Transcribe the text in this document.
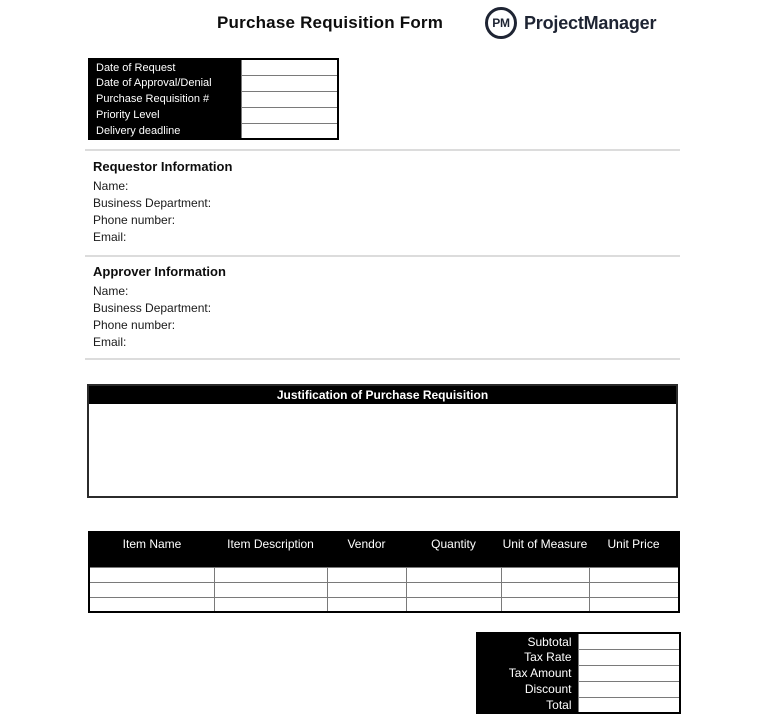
Purchase Requisition Form	PM ProjectManager
Date of Request	
Date of Approval/Denial	
Purchase Requisition #	
Priority Level	
Delivery deadline	
Requestor Information
Name:
Business Department:
Phone number:
Email:
Approver Information
Name:
Business Department:
Phone number:
Email:
Justification of Purchase Requisition
Item Name	Item Description	Vendor	Quantity	Unit of Measure	Unit Price

Subtotal	
Tax Rate	
Tax Amount	
Discount	
Total	
